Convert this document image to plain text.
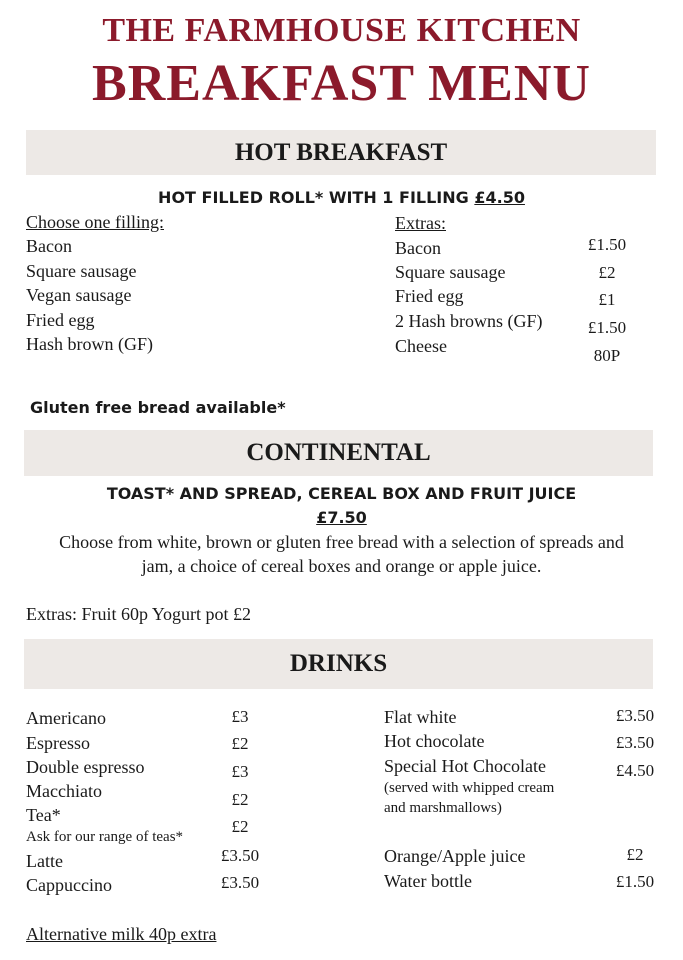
THE FARMHOUSE KITCHEN
BREAKFAST MENU
HOT BREAKFAST
HOT FILLED ROLL* WITH 1 FILLING £4.50
Choose one filling:
Bacon
Square sausage
Vegan sausage
Fried egg
Hash brown (GF)
Extras:
Bacon
Square sausage
Fried egg
2 Hash browns (GF)
Cheese
£1.50
£2
£1
£1.50
80P
Gluten free bread available*
CONTINENTAL
TOAST* AND SPREAD, CEREAL BOX AND FRUIT JUICE
£7.50
Choose from white, brown or gluten free bread with a selection of spreads and
jam, a choice of cereal boxes and orange or apple juice.
Extras: Fruit 60p Yogurt pot £2
DRINKS
Americano
Espresso
Double espresso
Macchiato
Tea*
Ask for our range of teas*
Latte
Cappuccino
£3
£2
£3
£2
£2
£3.50
£3.50
Flat white
Hot chocolate
Special Hot Chocolate
(served with whipped cream
and marshmallows)
Orange/Apple juice
Water bottle
£3.50
£3.50
£4.50
£2
£1.50
Alternative milk 40p extra
